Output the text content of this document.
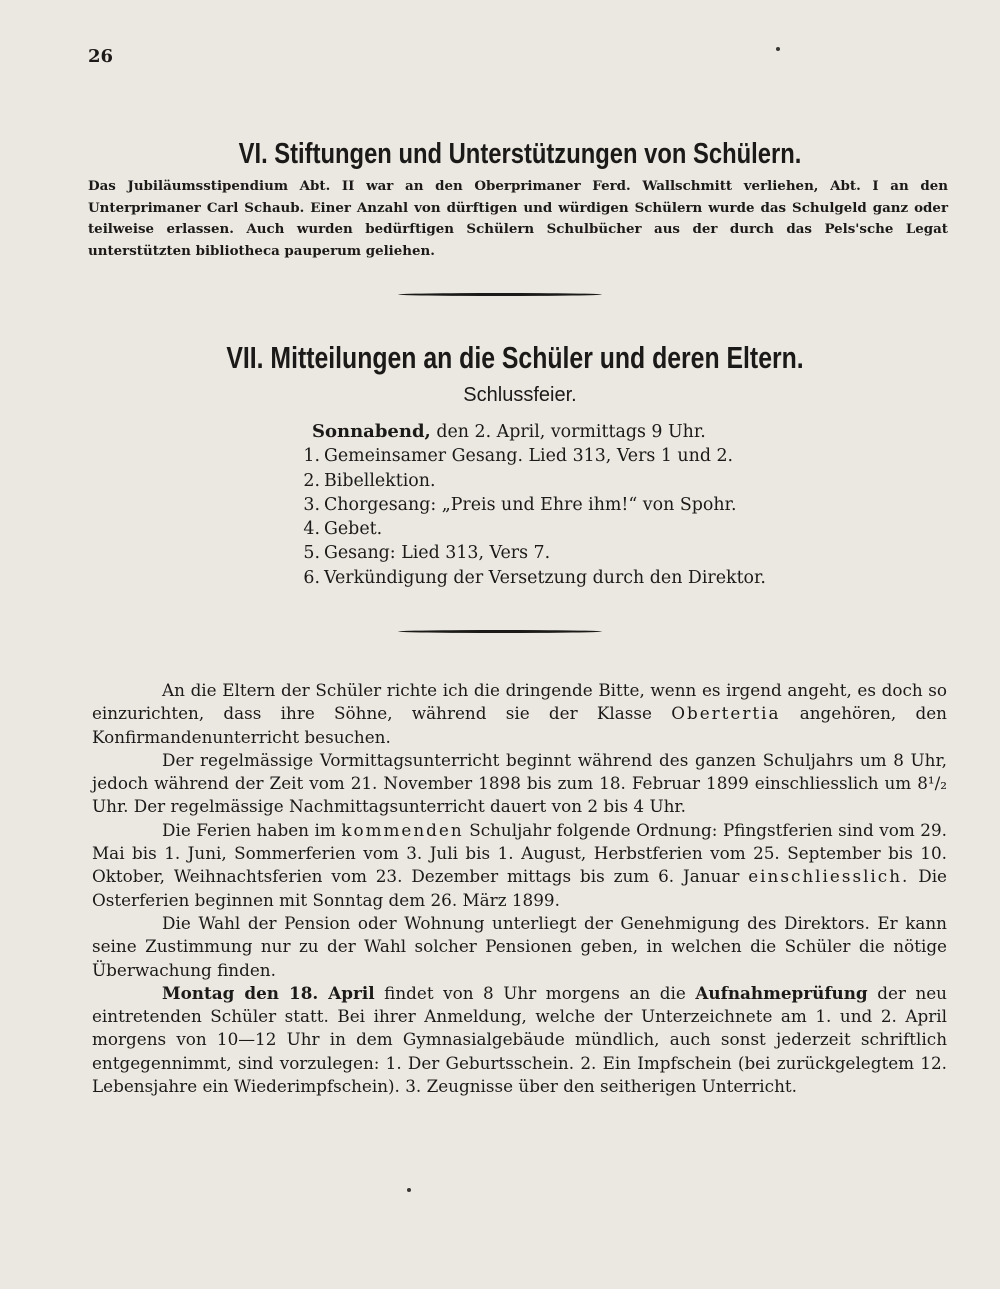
26
VI. Stiftungen und Unterstützungen von Schülern.
Das Jubiläumsstipendium Abt. II war an den Oberprimaner Ferd. Wallschmitt verliehen, Abt. I an den Unterprimaner Carl Schaub. Einer Anzahl von dürftigen und würdigen Schülern wurde das Schulgeld ganz oder teilweise erlassen. Auch wurden bedürftigen Schülern Schulbücher aus der durch das Pels'sche Legat unterstützten bibliotheca pauperum geliehen.
VII. Mitteilungen an die Schüler und deren Eltern.
Schlussfeier.
Sonnabend, den 2. April, vormittags 9 Uhr.
1. Gemeinsamer Gesang. Lied 313, Vers 1 und 2.
2. Bibellektion.
3. Chorgesang: „Preis und Ehre ihm!“ von Spohr.
4. Gebet.
5. Gesang: Lied 313, Vers 7.
6. Verkündigung der Versetzung durch den Direktor.

An die Eltern der Schüler richte ich die dringende Bitte, wenn es irgend angeht, es doch so einzurichten, dass ihre Söhne, während sie der Klasse Obertertia angehören, den Konfirmandenunterricht besuchen.

Der regelmässige Vormittagsunterricht beginnt während des ganzen Schuljahrs um 8 Uhr, jedoch während der Zeit vom 21. November 1898 bis zum 18. Februar 1899 einschliesslich um 8¹/₂ Uhr. Der regelmässige Nachmittagsunterricht dauert von 2 bis 4 Uhr.

Die Ferien haben im kommenden Schuljahr folgende Ordnung: Pfingstferien sind vom 29. Mai bis 1. Juni, Sommerferien vom 3. Juli bis 1. August, Herbstferien vom 25. September bis 10. Oktober, Weihnachtsferien vom 23. Dezember mittags bis zum 6. Januar einschliesslich. Die Osterferien beginnen mit Sonntag dem 26. März 1899.

Die Wahl der Pension oder Wohnung unterliegt der Genehmigung des Direktors. Er kann seine Zustimmung nur zu der Wahl solcher Pensionen geben, in welchen die Schüler die nötige Überwachung finden.

Montag den 18. April findet von 8 Uhr morgens an die Aufnahmeprüfung der neu eintretenden Schüler statt. Bei ihrer Anmeldung, welche der Unterzeichnete am 1. und 2. April morgens von 10—12 Uhr in dem Gymnasialgebäude mündlich, auch sonst jederzeit schriftlich entgegennimmt, sind vorzulegen: 1. Der Geburtsschein. 2. Ein Impfschein (bei zurückgelegtem 12. Lebensjahre ein Wiederimpfschein). 3. Zeugnisse über den seitherigen Unterricht.
